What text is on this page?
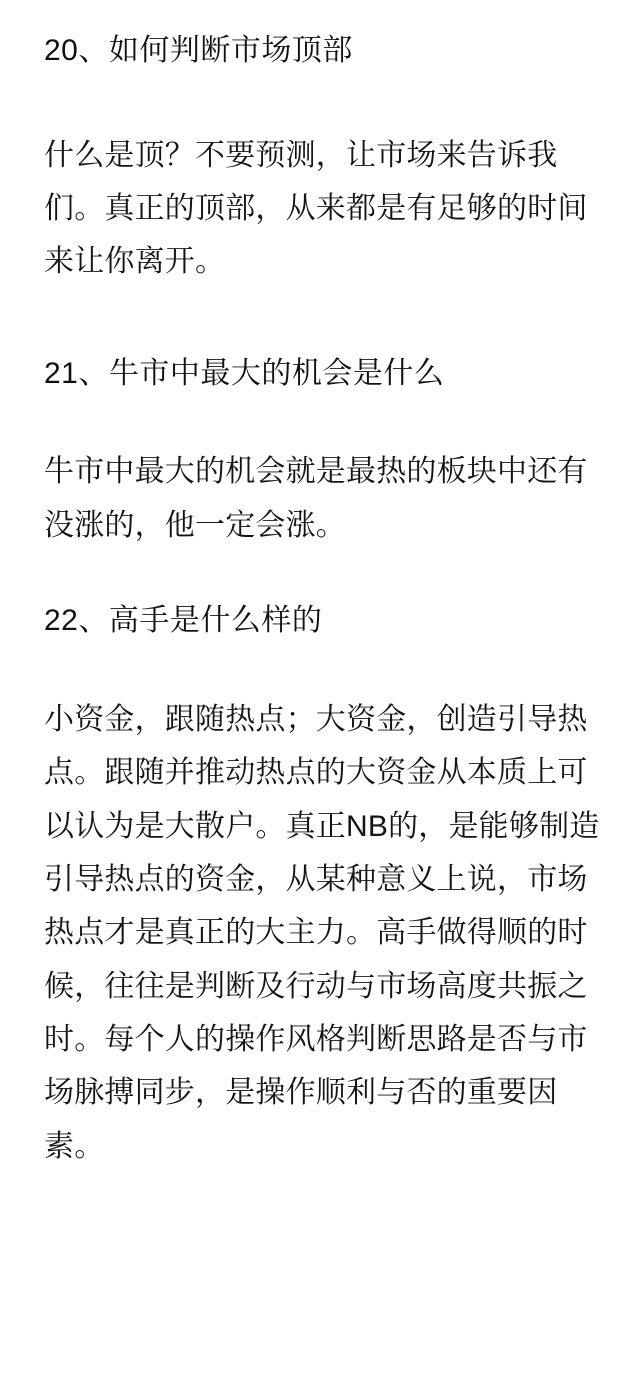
20、如何判断市场顶部

什么是顶？不要预测，让市场来告诉我们。真正的顶部，从来都是有足够的时间来让你离开。

21、牛市中最大的机会是什么

牛市中最大的机会就是最热的板块中还有没涨的，他一定会涨。

22、高手是什么样的

小资金，跟随热点；大资金，创造引导热点。跟随并推动热点的大资金从本质上可以认为是大散户。真正NB的，是能够制造引导热点的资金，从某种意义上说，市场热点才是真正的大主力。高手做得顺的时候，往往是判断及行动与市场高度共振之时。每个人的操作风格判断思路是否与市场脉搏同步，是操作顺利与否的重要因素。
